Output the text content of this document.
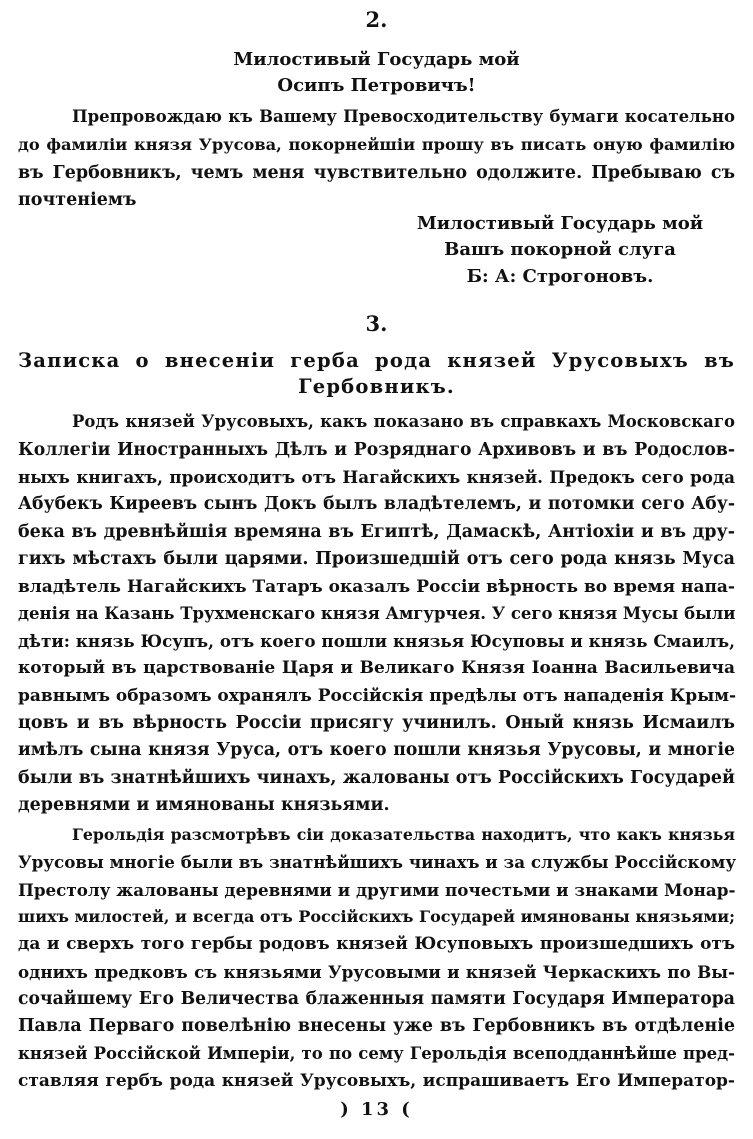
2.
Милостивый Государь мой
Осипъ Петровичъ!
Препровождаю къ Вашему Превосходительству бумаги косательно
до фамиліи князя Урусова, покорнейшіи прошу въ писать оную фамилію
въ Гербовникъ, чемъ меня чувствительно одолжите. Пребываю съ
почтеніемъ
Милостивый Государь мой
Вашъ покорной слуга
Б: А: Строгоновъ.
3.
Записка о внесеніи герба рода князей Урусовыхъ въ
Гербовникъ.
Родъ князей Урусовыхъ, какъ показано въ справкахъ Московскаго
Коллегіи Иностранныхъ Дѣлъ и Розряднаго Архивовъ и въ Родослов-
ныхъ книгахъ, происходитъ отъ Нагайскихъ князей. Предокъ сего рода
Абубекъ Киреевъ сынъ Докъ былъ владѣтелемъ, и потомки сего Абу-
бека въ древнѣйшія времяна въ Египтѣ, Дамаскѣ, Антіохіи и въ дру-
гихъ мѣстахъ были царями. Произшедшій отъ сего рода князь Муса
владѣтель Нагайскихъ Татаръ оказалъ Россіи вѣрность во время напа-
денія на Казань Трухменскаго князя Амгурчея. У сего князя Мусы были
дѣти: князь Юсупъ, отъ коего пошли князья Юсуповы и князь Смаилъ,
который въ царствованіе Царя и Великаго Князя Іоанна Васильевича
равнымъ образомъ охранялъ Россійскія предѣлы отъ нападенія Крым-
цовъ и въ вѣрность Россіи присягу учинилъ. Оный князь Исмаилъ
имѣлъ сына князя Уруса, отъ коего пошли князья Урусовы, и многіе
были въ знатнѣйшихъ чинахъ, жалованы отъ Россійскихъ Государей
деревнями и имянованы князьями.
Герольдія разсмотрѣвъ сіи доказательства находитъ, что какъ князья
Урусовы многіе были въ знатнѣйшихъ чинахъ и за службы Россійскому
Престолу жалованы деревнями и другими почестьми и знаками Монар-
шихъ милостей, и всегда отъ Россійскихъ Государей имянованы князьями;
да и сверхъ того гербы родовъ князей Юсуповыхъ произшедшихъ отъ
однихъ предковъ съ князьями Урусовыми и князей Черкаскихъ по Вы-
сочайшему Его Величества блаженныя памяти Государя Императора
Павла Перваго повелѣнію внесены уже въ Гербовникъ въ отдѣленіе
князей Россійской Имперіи, то по сему Герольдія всеподданнѣйше пред-
ставляя гербъ рода князей Урусовыхъ, испрашиваетъ Его Император-
) 13 (
